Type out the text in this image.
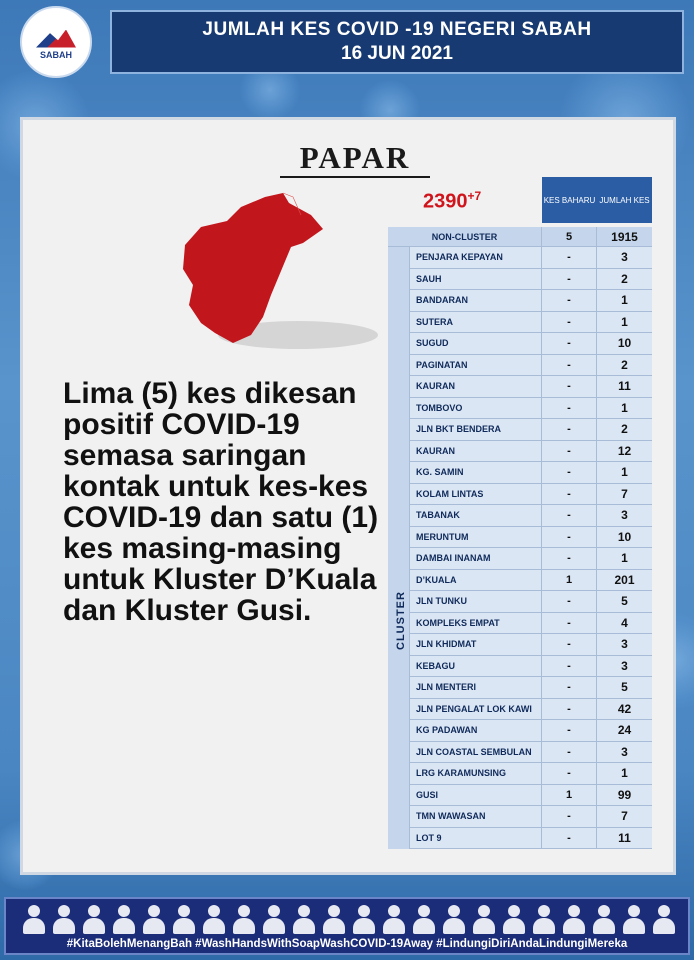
SABAH
JUMLAH KES COVID -19 NEGERI SABAH
16 JUN 2021
PAPAR
$2390^{+7}$
Lima (5) kes dikesan positif COVID-19 semasa saringan kontak untuk kes-kes COVID-19 dan satu (1) kes masing-masing untuk Kluster D’Kuala dan Kluster Gusi.
KES BAHARU JUMLAH KES
NON-CLUSTER	5	1915
CLUSTER
PENJARA KEPAYAN	-	3
SAUH	-	2
BANDARAN	-	1
SUTERA	-	1
SUGUD	-	10
PAGINATAN	-	2
KAURAN	-	11
TOMBOVO	-	1
JLN BKT BENDERA	-	2
KAURAN	-	12
KG. SAMIN	-	1
KOLAM LINTAS	-	7
TABANAK	-	3
MERUNTUM	-	10
DAMBAI INANAM	-	1
D’KUALA	1	201
JLN TUNKU	-	5
KOMPLEKS EMPAT	-	4
JLN KHIDMAT	-	3
KEBAGU	-	3
JLN MENTERI	-	5
JLN PENGALAT LOK KAWI	-	42
KG PADAWAN	-	24
JLN COASTAL SEMBULAN	-	3
LRG KARAMUNSING	-	1
GUSI	1	99
TMN WAWASAN	-	7
LOT 9	-	11
#KitaBolehMenangBah #WashHandsWithSoapWashCOVID-19Away #LindungiDiriAndaLindungiMereka
